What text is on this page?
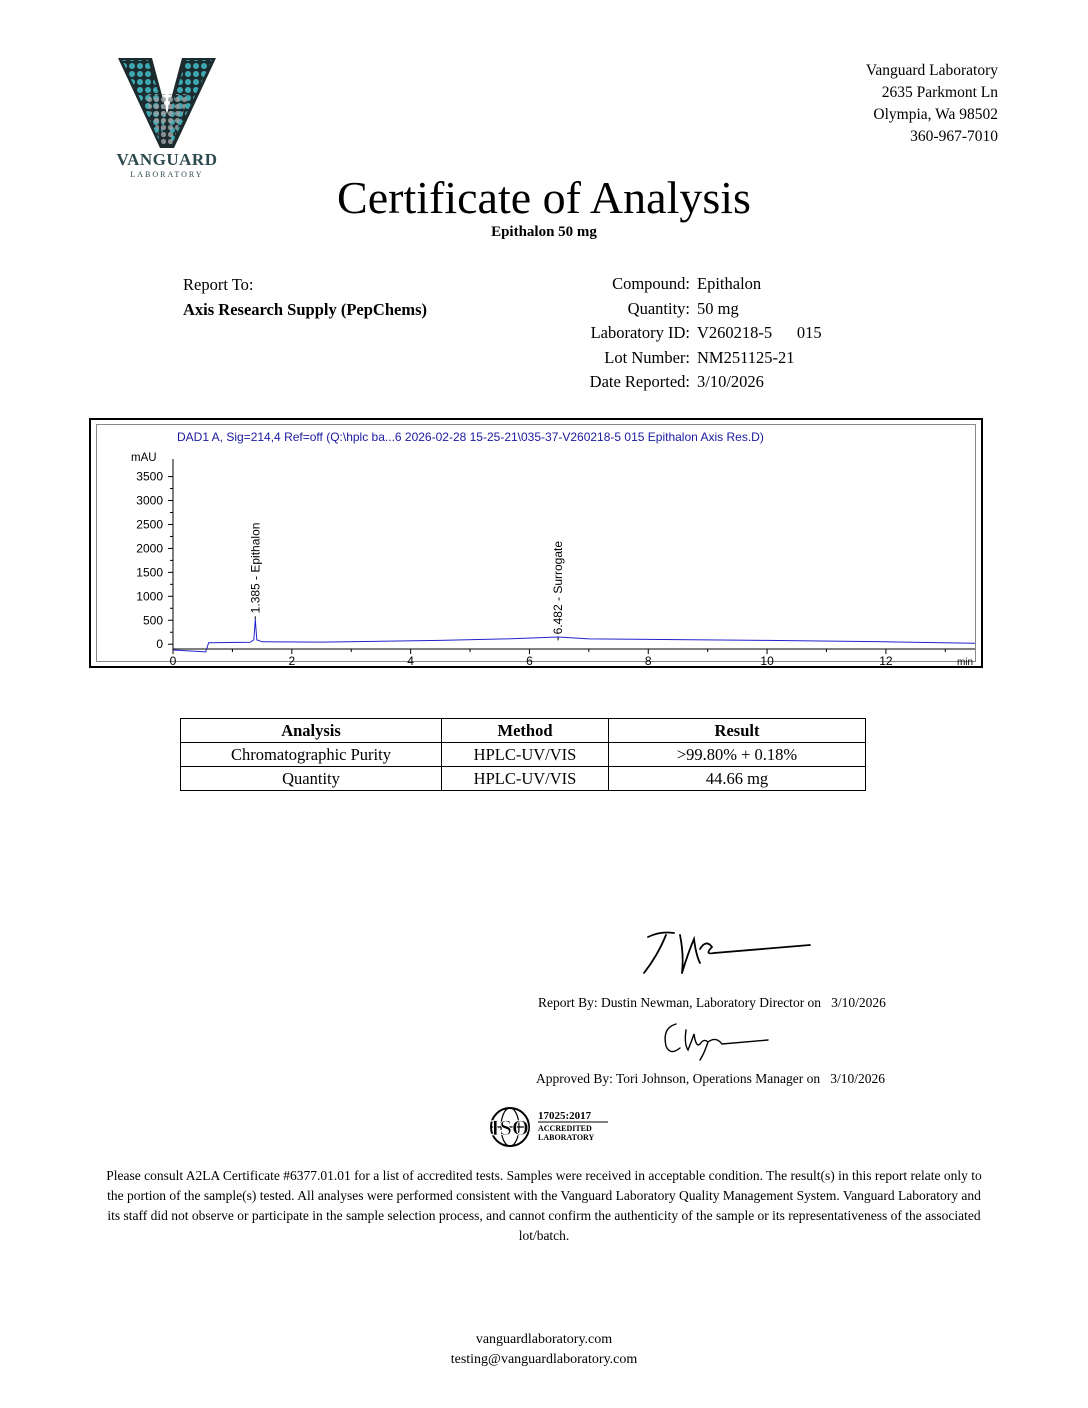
VANGUARD
LABORATORY
Vanguard Laboratory
2635 Parkmont Ln
Olympia, Wa 98502
360-967-7010
Certificate of Analysis
Epithalon 50 mg
Report To:
Axis Research Supply (PepChems)
Compound: Epithalon
Quantity: 50 mg
Laboratory ID: V260218-5      015
Lot Number: NM251125-21
Date Reported: 3/10/2026
DAD1 A, Sig=214,4 Ref=off (Q:\hplc ba...6 2026-02-28 15-25-21\035-37-V260218-5 015 Epithalon Axis Res.D)
mAU
0
500
1000
1500
2000
2500
3000
3500
0	2	4	6	8	10	12	min
1.385 - Epithalon	6.482 - Surrogate
Analysis	Method	Result
Chromatographic Purity	HPLC-UV/VIS	>99.80% + 0.18%
Quantity	HPLC-UV/VIS	44.66 mg
Report By: Dustin Newman, Laboratory Director on   3/10/2026
Approved By: Tori Johnson, Operations Manager on   3/10/2026
ISO 17025:2017
ACCREDITED
LABORATORY
Please consult A2LA Certificate #6377.01.01 for a list of accredited tests. Samples were received in acceptable condition. The result(s) in this report relate only to the portion of the sample(s) tested. All analyses were performed consistent with the Vanguard Laboratory Quality Management System. Vanguard Laboratory and its staff did not observe or participate in the sample selection process, and cannot confirm the authenticity of the sample or its representativeness of the associated lot/batch.
vanguardlaboratory.com
testing@vanguardlaboratory.com
